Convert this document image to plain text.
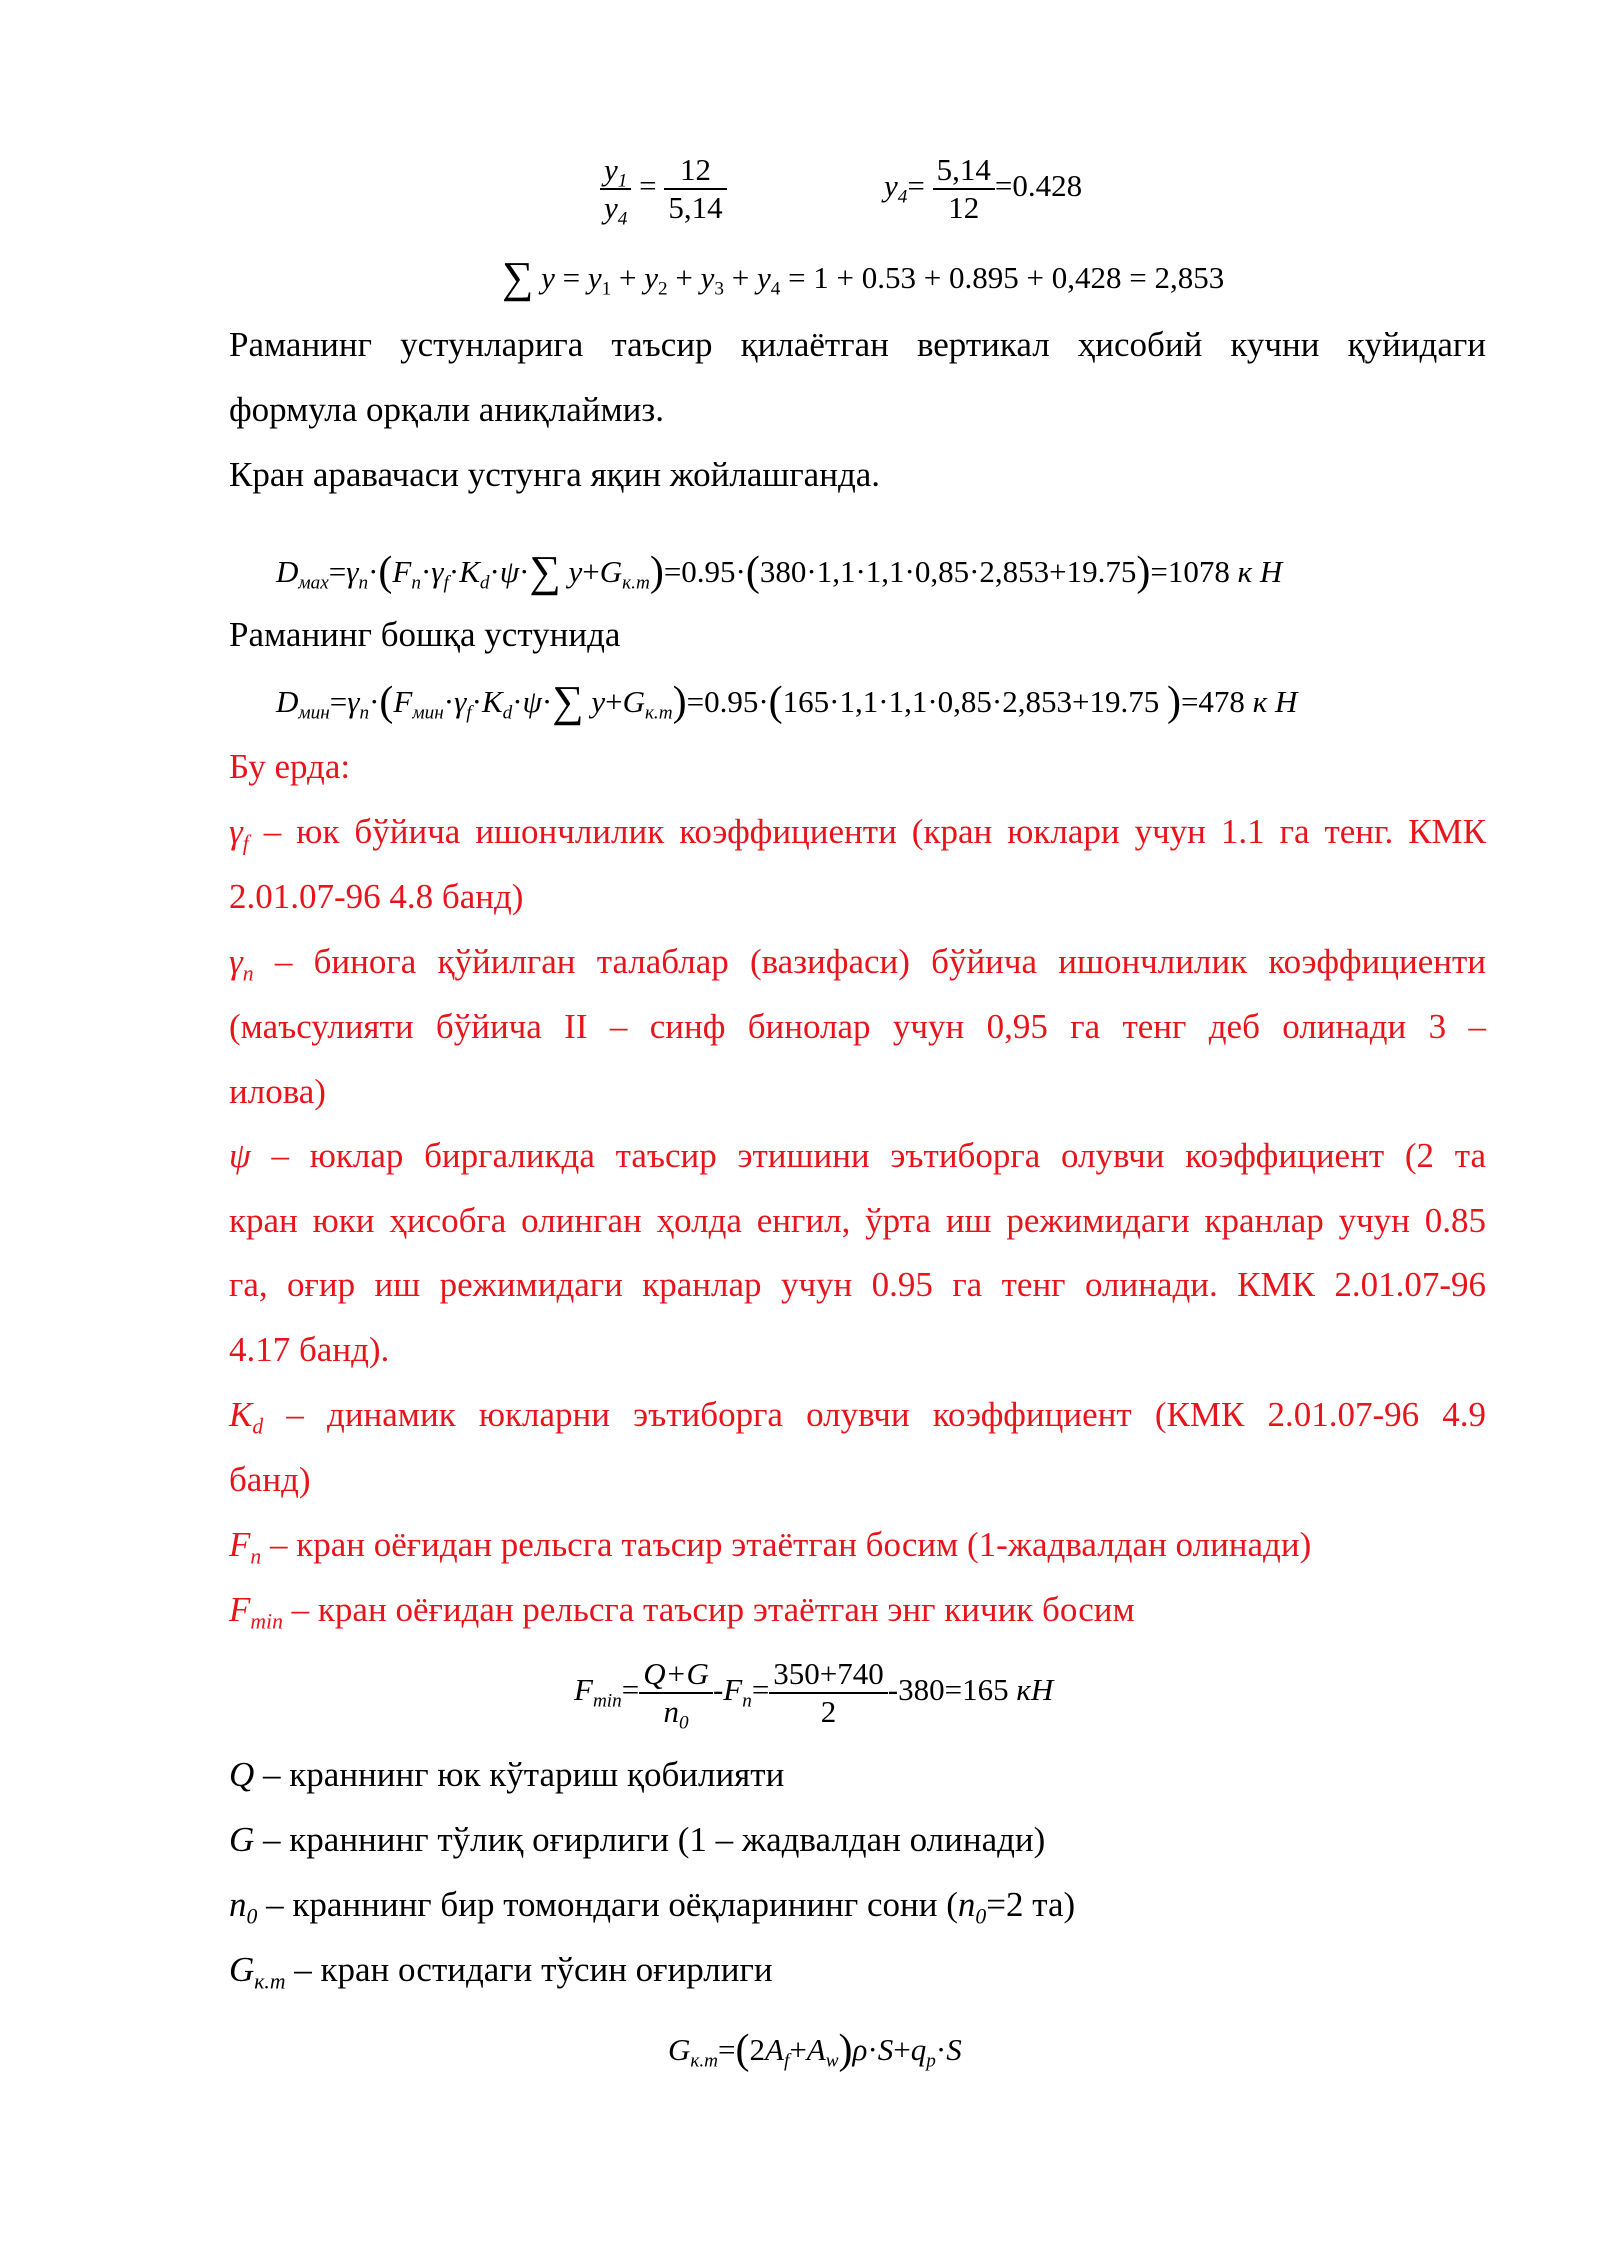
$\frac{y_1}{y_4} = \frac{12}{5,14}$	$y_4= \frac{5,14}{12} =0.428$
∑ $y = y_1 + y_2 + y_3 + y_4 = 1 + 0.53 + 0.895 + 0,428 = 2,853$
Раманинг устунларига таъсир қилаётган вертикал ҳисобий кучни қуйидаги
формула орқали аниқлаймиз.
Кран аравачаси устунга яқин жойлашганда.
$D_{мах}=\gamma_n\cdot(F_n\cdot\gamma_f\cdot K_d\cdot\psi\cdot\sum$ $y+G_{к.т})=0.95\cdot(380\cdot 1,1\cdot 1,1\cdot 0,85\cdot 2,853+19.75)=1078$ к Н
Раманинг бошқа устунида
$D_{мин}=\gamma_n\cdot(F_{мин}\cdot\gamma_f\cdot K_d\cdot\psi\cdot\sum$ $y+G_{к.т})=0.95\cdot(165\cdot 1,1\cdot 1,1\cdot 0,85\cdot 2,853+19.75$ )=478 к Н
Бу ерда:
$\gamma_f$ – юк бўйича ишончлилик коэффициенти (кран юклари учун 1.1 га тенг. КМК
2.01.07-96 4.8 банд)
$\gamma_n$ – бинога қўйилган талаблар (вазифаси) бўйича ишончлилик коэффициенти
(маъсулияти бўйича II – синф бинолар учун 0,95 га тенг деб олинади 3 –
илова)
ψ – юклар биргаликда таъсир этишини эътиборга олувчи коэффициент (2 та
кран юки ҳисобга олинган ҳолда енгил, ўрта иш режимидаги кранлар учун 0.85
га, оғир иш режимидаги кранлар учун 0.95 га тенг олинади. КМК 2.01.07-96
4.17 банд).
$K_d$ – динамик юкларни эътиборга олувчи коэффициент (КМК 2.01.07-96 4.9
банд)
$F_n$ – кран оёғидан рельсга таъсир этаётган босим (1-жадвалдан олинади)
$F_{min}$ – кран оёғидан рельсга таъсир этаётган энг кичик босим
$F_{min}= \frac{Q+G}{n_0} -F_n= \frac{350+740}{2} -380=165$ кН
Q – краннинг юк кўтариш қобилияти
G – краннинг тўлиқ оғирлиги (1 – жадвалдан олинади)
$n_0$ – краннинг бир томондаги оёқларининг сони ($n_0=2$ та)
$G_{к.т}$ – кран остидаги тўсин оғирлиги
$G_{к.т}=(2A_f+A_w)\rho\cdot S+q_p\cdot S$
